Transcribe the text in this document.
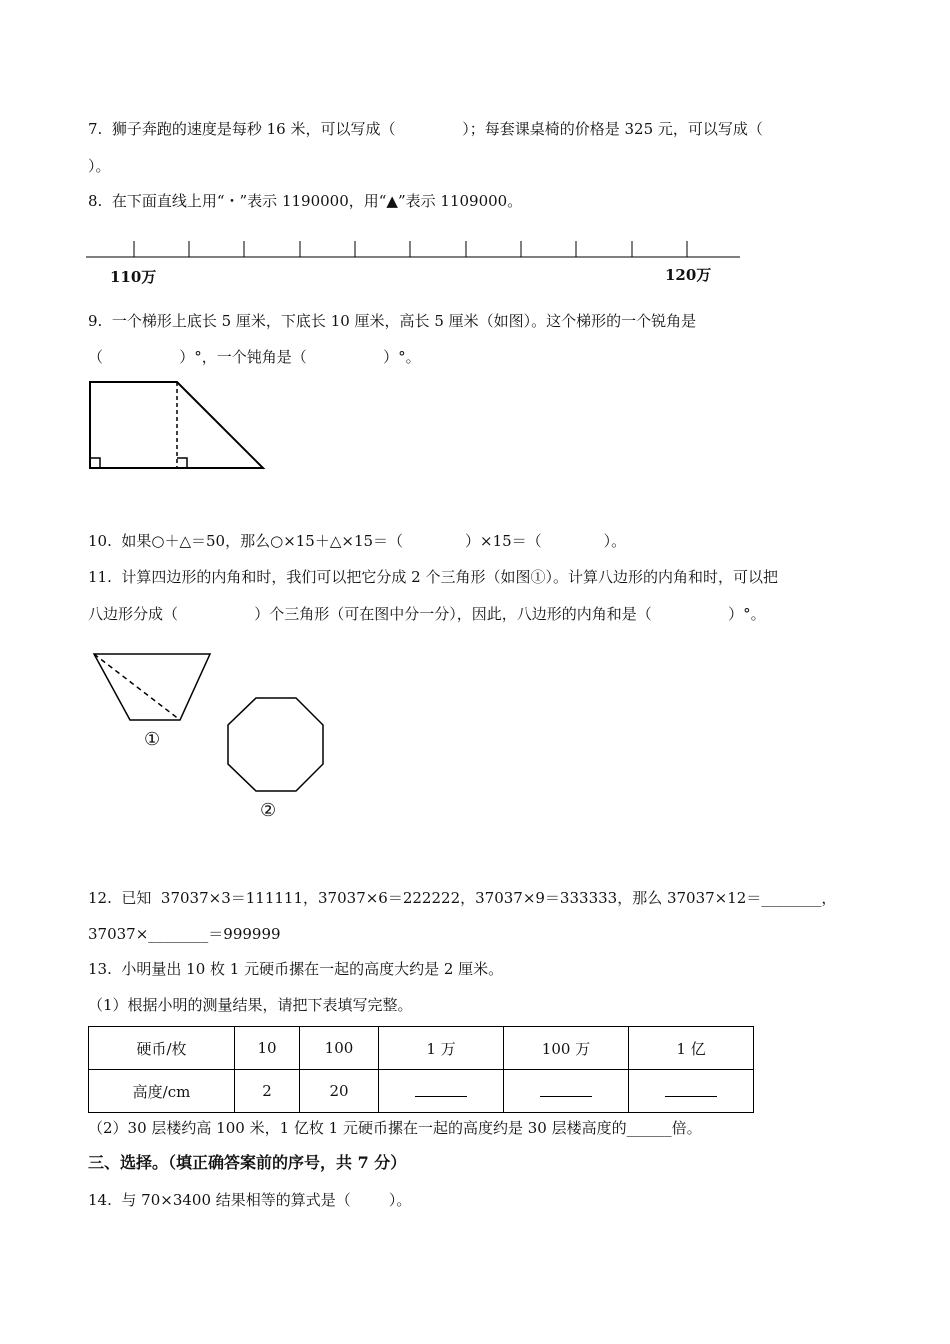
7.  狮子奔跑的速度是每秒 16 米，可以写成（              ）；每套课桌椅的价格是 325 元，可以写成（
）。
8.  在下面直线上用“・”表示 1190000，用“▲”表示 1109000。
110万	120万
9.  一个梯形上底长 5 厘米，下底长 10 厘米，高长 5 厘米（如图）。这个梯形的一个锐角是
（                ）°，一个钝角是（                ）°。
10.  如果○＋△＝50，那么○×15＋△×15＝（             ）×15＝（             ）。
11.  计算四边形的内角和时，我们可以把它分成 2 个三角形（如图①）。计算八边形的内角和时，可以把
八边形分成（                ）个三角形（可在图中分一分），因此，八边形的内角和是（                ）°。
①
②
12.  已知  37037×3＝111111，37037×6＝222222，37037×9＝333333，那么 37037×12＝________，
37037×________＝999999
13.  小明量出 10 枚 1 元硬币摞在一起的高度大约是 2 厘米。
（1）根据小明的测量结果，请把下表填写完整。
硬币/枚	10	100	1 万	100 万	1 亿
高度/cm	2	20			
（2）30 层楼约高 100 米，1 亿枚 1 元硬币摞在一起的高度约是 30 层楼高度的______倍。
三、选择。（填正确答案前的序号，共 7 分）
14.  与 70×3400 结果相等的算式是（        ）。
